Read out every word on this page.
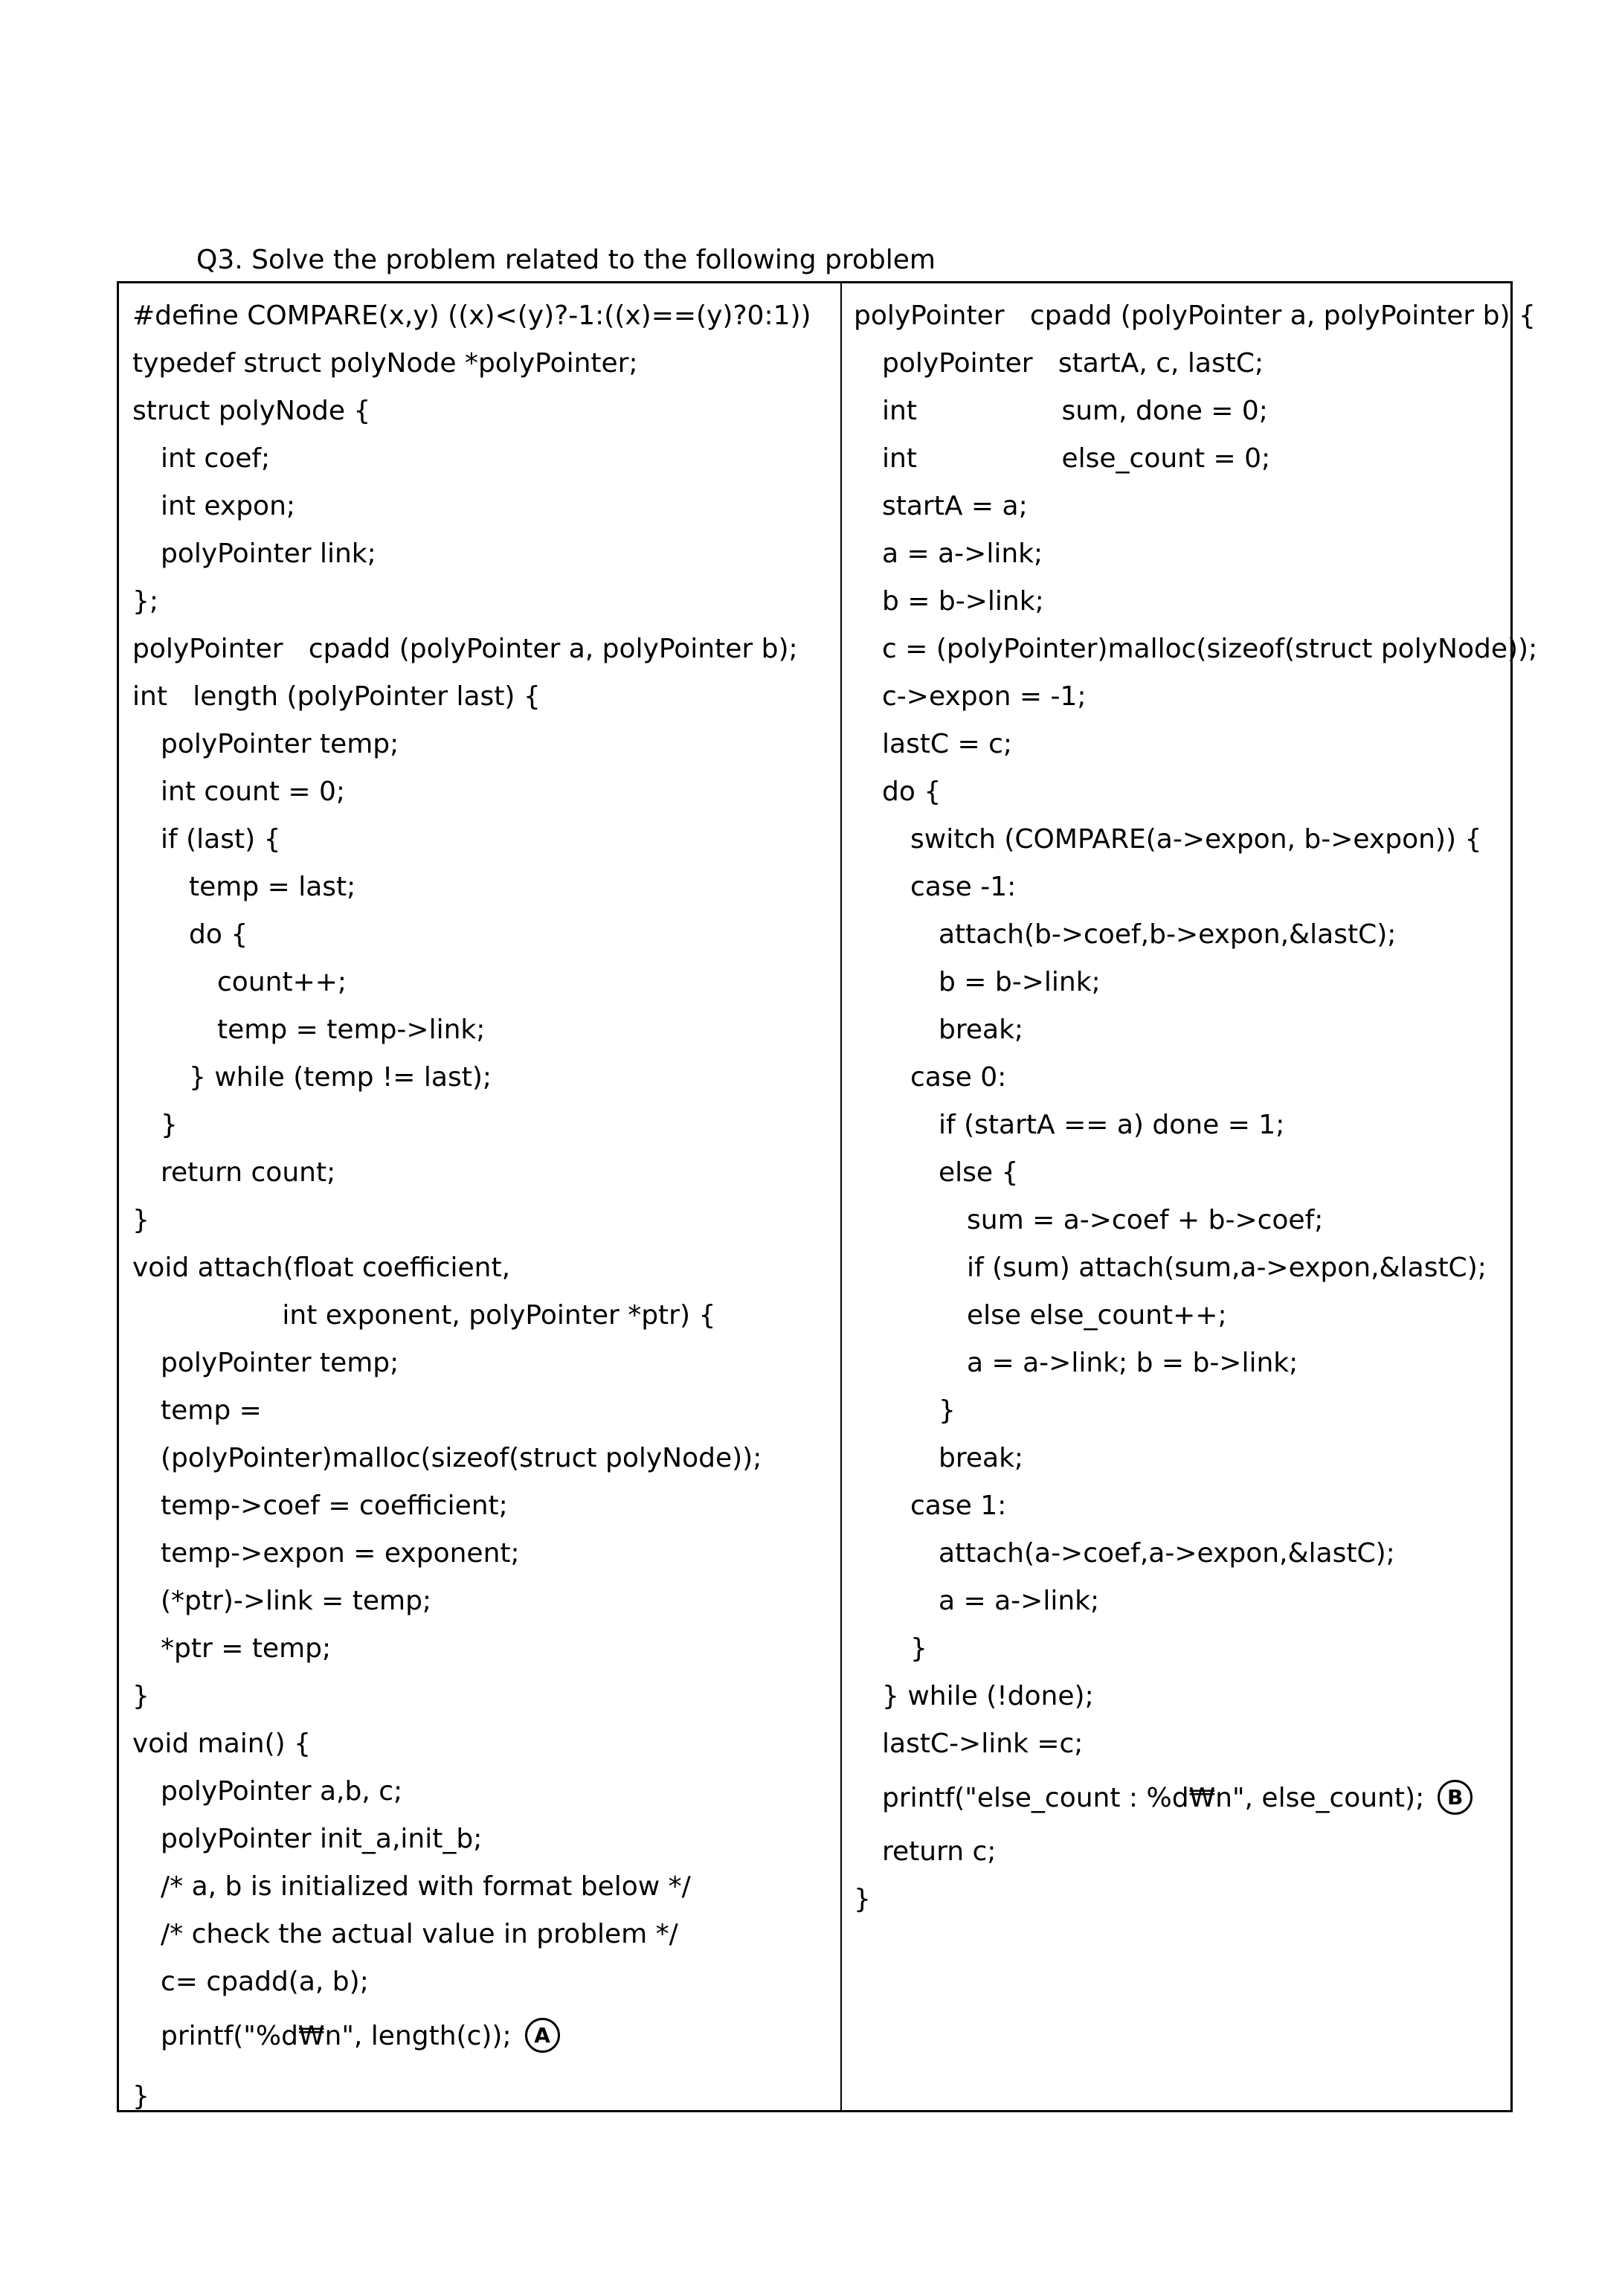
Q3. Solve the problem related to the following problem
#define COMPARE(x,y) ((x)<(y)?-1:((x)==(y)?0:1))
typedef struct polyNode *polyPointer;
struct polyNode {
int coef;
int expon;
polyPointer link;
};
polyPointer   cpadd (polyPointer a, polyPointer b);
int   length (polyPointer last) {
polyPointer temp;
int count = 0;
if (last) {
temp = last;
do {
count++;
temp = temp->link;
} while (temp != last);
}
return count;
}
void attach(float coefficient,
int exponent, polyPointer *ptr) {
polyPointer temp;
temp =
(polyPointer)malloc(sizeof(struct polyNode));
temp->coef = coefficient;
temp->expon = exponent;
(*ptr)->link = temp;
*ptr = temp;
}
void main() {
polyPointer a,b, c;
polyPointer init_a,init_b;
/* a, b is initialized with format below */
/* check the actual value in problem */
c= cpadd(a, b);
printf("%d₩n", length(c)); A
}
polyPointer   cpadd (polyPointer a, polyPointer b) {
polyPointer   startA, c, lastC;
int                 sum, done = 0;
int                 else_count = 0;
startA = a;
a = a->link;
b = b->link;
c = (polyPointer)malloc(sizeof(struct polyNode));
c->expon = -1;
lastC = c;
do {
switch (COMPARE(a->expon, b->expon)) {
case -1:
attach(b->coef,b->expon,&lastC);
b = b->link;
break;
case 0:
if (startA == a) done = 1;
else {
sum = a->coef + b->coef;
if (sum) attach(sum,a->expon,&lastC);
else else_count++;
a = a->link; b = b->link;
}
break;
case 1:
attach(a->coef,a->expon,&lastC);
a = a->link;
}
} while (!done);
lastC->link =c;
printf("else_count : %d₩n", else_count); B
return c;
}
